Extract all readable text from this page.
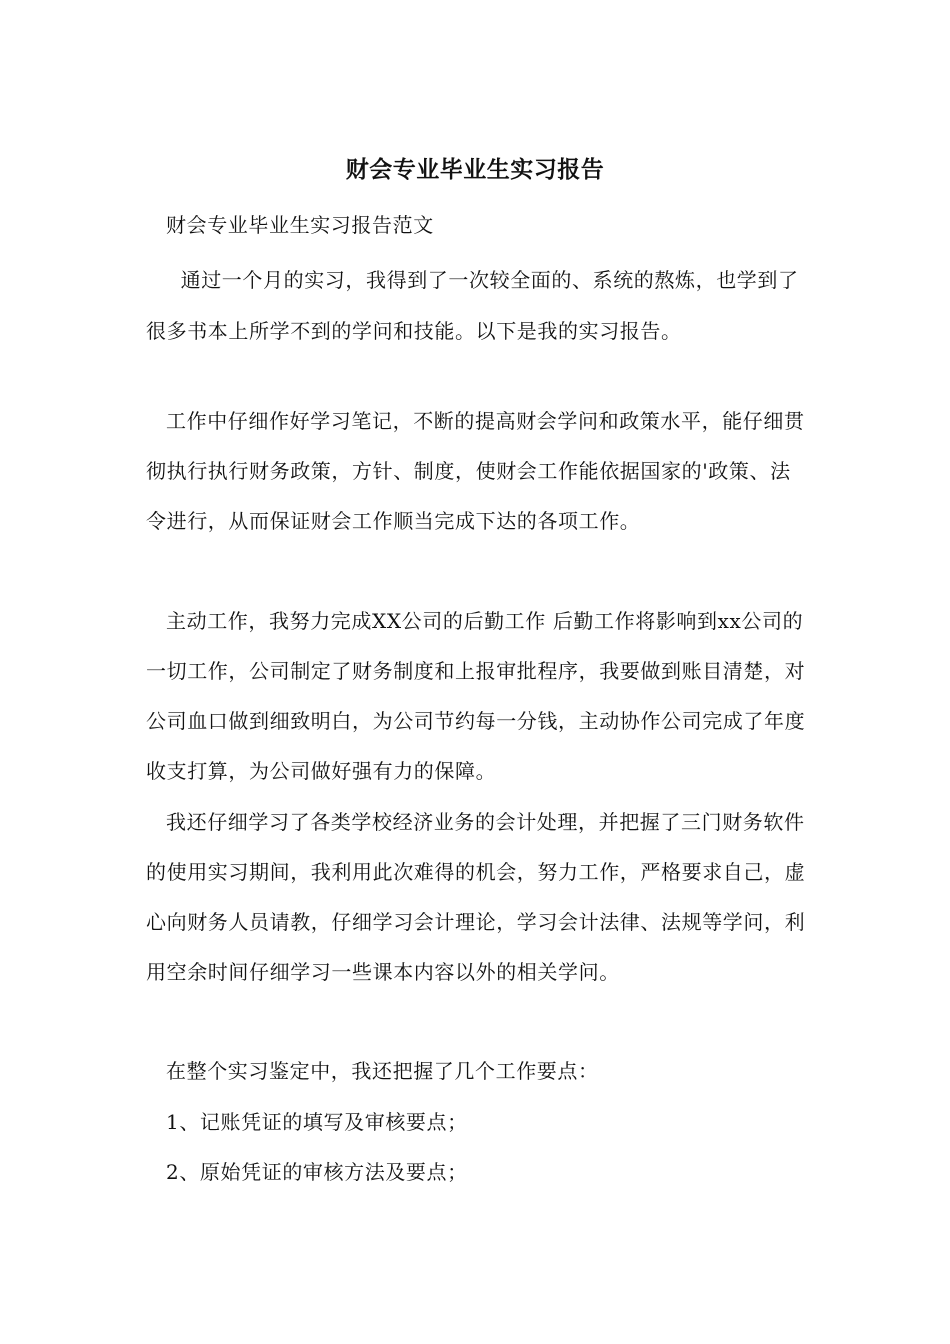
财会专业毕业生实习报告

财会专业毕业生实习报告范文

　通过一个月的实习，我得到了一次较全面的、系统的熬炼，也学到了很多书本上所学不到的学问和技能。以下是我的实习报告。

工作中仔细作好学习笔记，不断的提高财会学问和政策水平，能仔细贯彻执行执行财务政策，方针、制度，使财会工作能依据国家的'政策、法令进行，从而保证财会工作顺当完成下达的各项工作。

主动工作，我努力完成XX公司的后勤工作 后勤工作将影响到xx公司的一切工作，公司制定了财务制度和上报审批程序，我要做到账目清楚，对公司血口做到细致明白，为公司节约每一分钱，主动协作公司完成了年度收支打算，为公司做好强有力的保障。

我还仔细学习了各类学校经济业务的会计处理，并把握了三门财务软件的使用实习期间，我利用此次难得的机会，努力工作，严格要求自己，虚心向财务人员请教，仔细学习会计理论，学习会计法律、法规等学问，利用空余时间仔细学习一些课本内容以外的相关学问。

在整个实习鉴定中，我还把握了几个工作要点：

1、记账凭证的填写及审核要点；

2、原始凭证的审核方法及要点；
